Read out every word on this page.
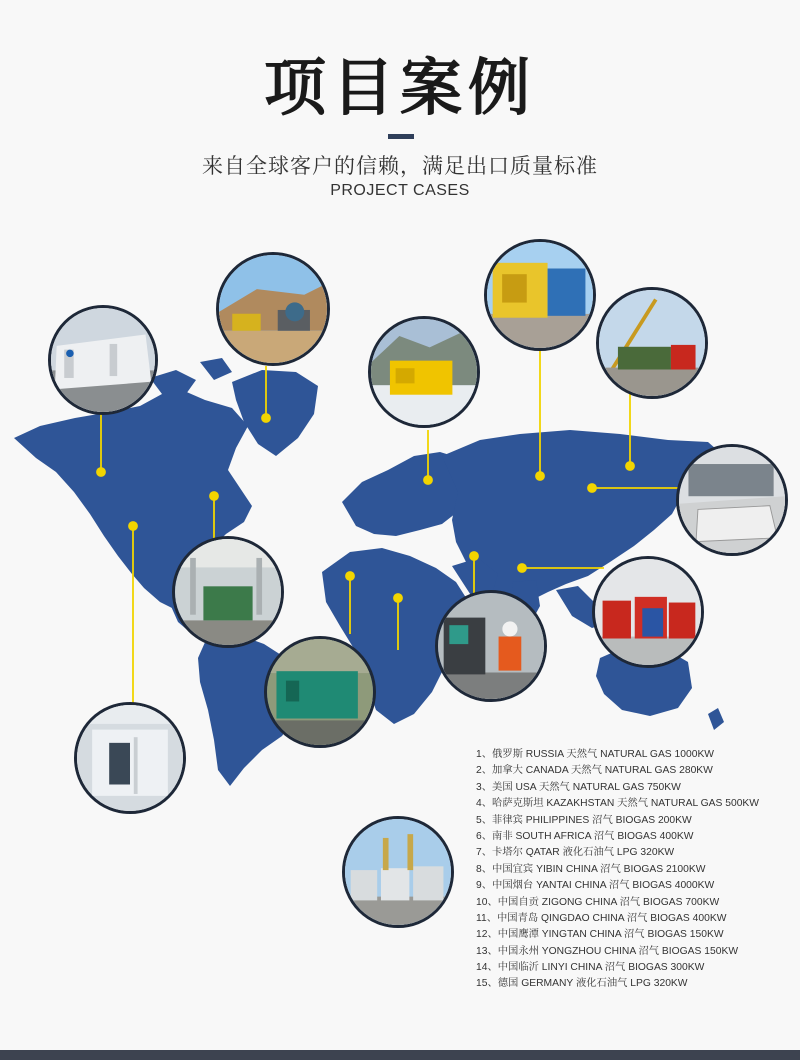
项目案例
来自全球客户的信赖，满足出口质量标准
PROJECT CASES
1、俄罗斯 RUSSIA 天然气 NATURAL GAS 1000KW
2、加拿大 CANADA 天然气 NATURAL GAS 280KW
3、美国 USA 天然气 NATURAL GAS 750KW
4、哈萨克斯坦 KAZAKHSTAN 天然气 NATURAL GAS 500KW
5、菲律宾 PHILIPPINES 沼气 BIOGAS 200KW
6、南非 SOUTH AFRICA 沼气 BIOGAS 400KW
7、卡塔尔 QATAR 液化石油气 LPG 320KW
8、中国宜宾 YIBIN CHINA 沼气 BIOGAS 2100KW
9、中国烟台 YANTAI CHINA 沼气 BIOGAS 4000KW
10、中国自贡 ZIGONG CHINA 沼气 BIOGAS 700KW
11、中国青岛 QINGDAO CHINA 沼气 BIOGAS 400KW
12、中国鹰潭 YINGTAN CHINA 沼气 BIOGAS 150KW
13、中国永州 YONGZHOU CHINA 沼气 BIOGAS 150KW
14、中国临沂 LINYI CHINA 沼气 BIOGAS 300KW
15、德国 GERMANY 液化石油气 LPG 320KW
